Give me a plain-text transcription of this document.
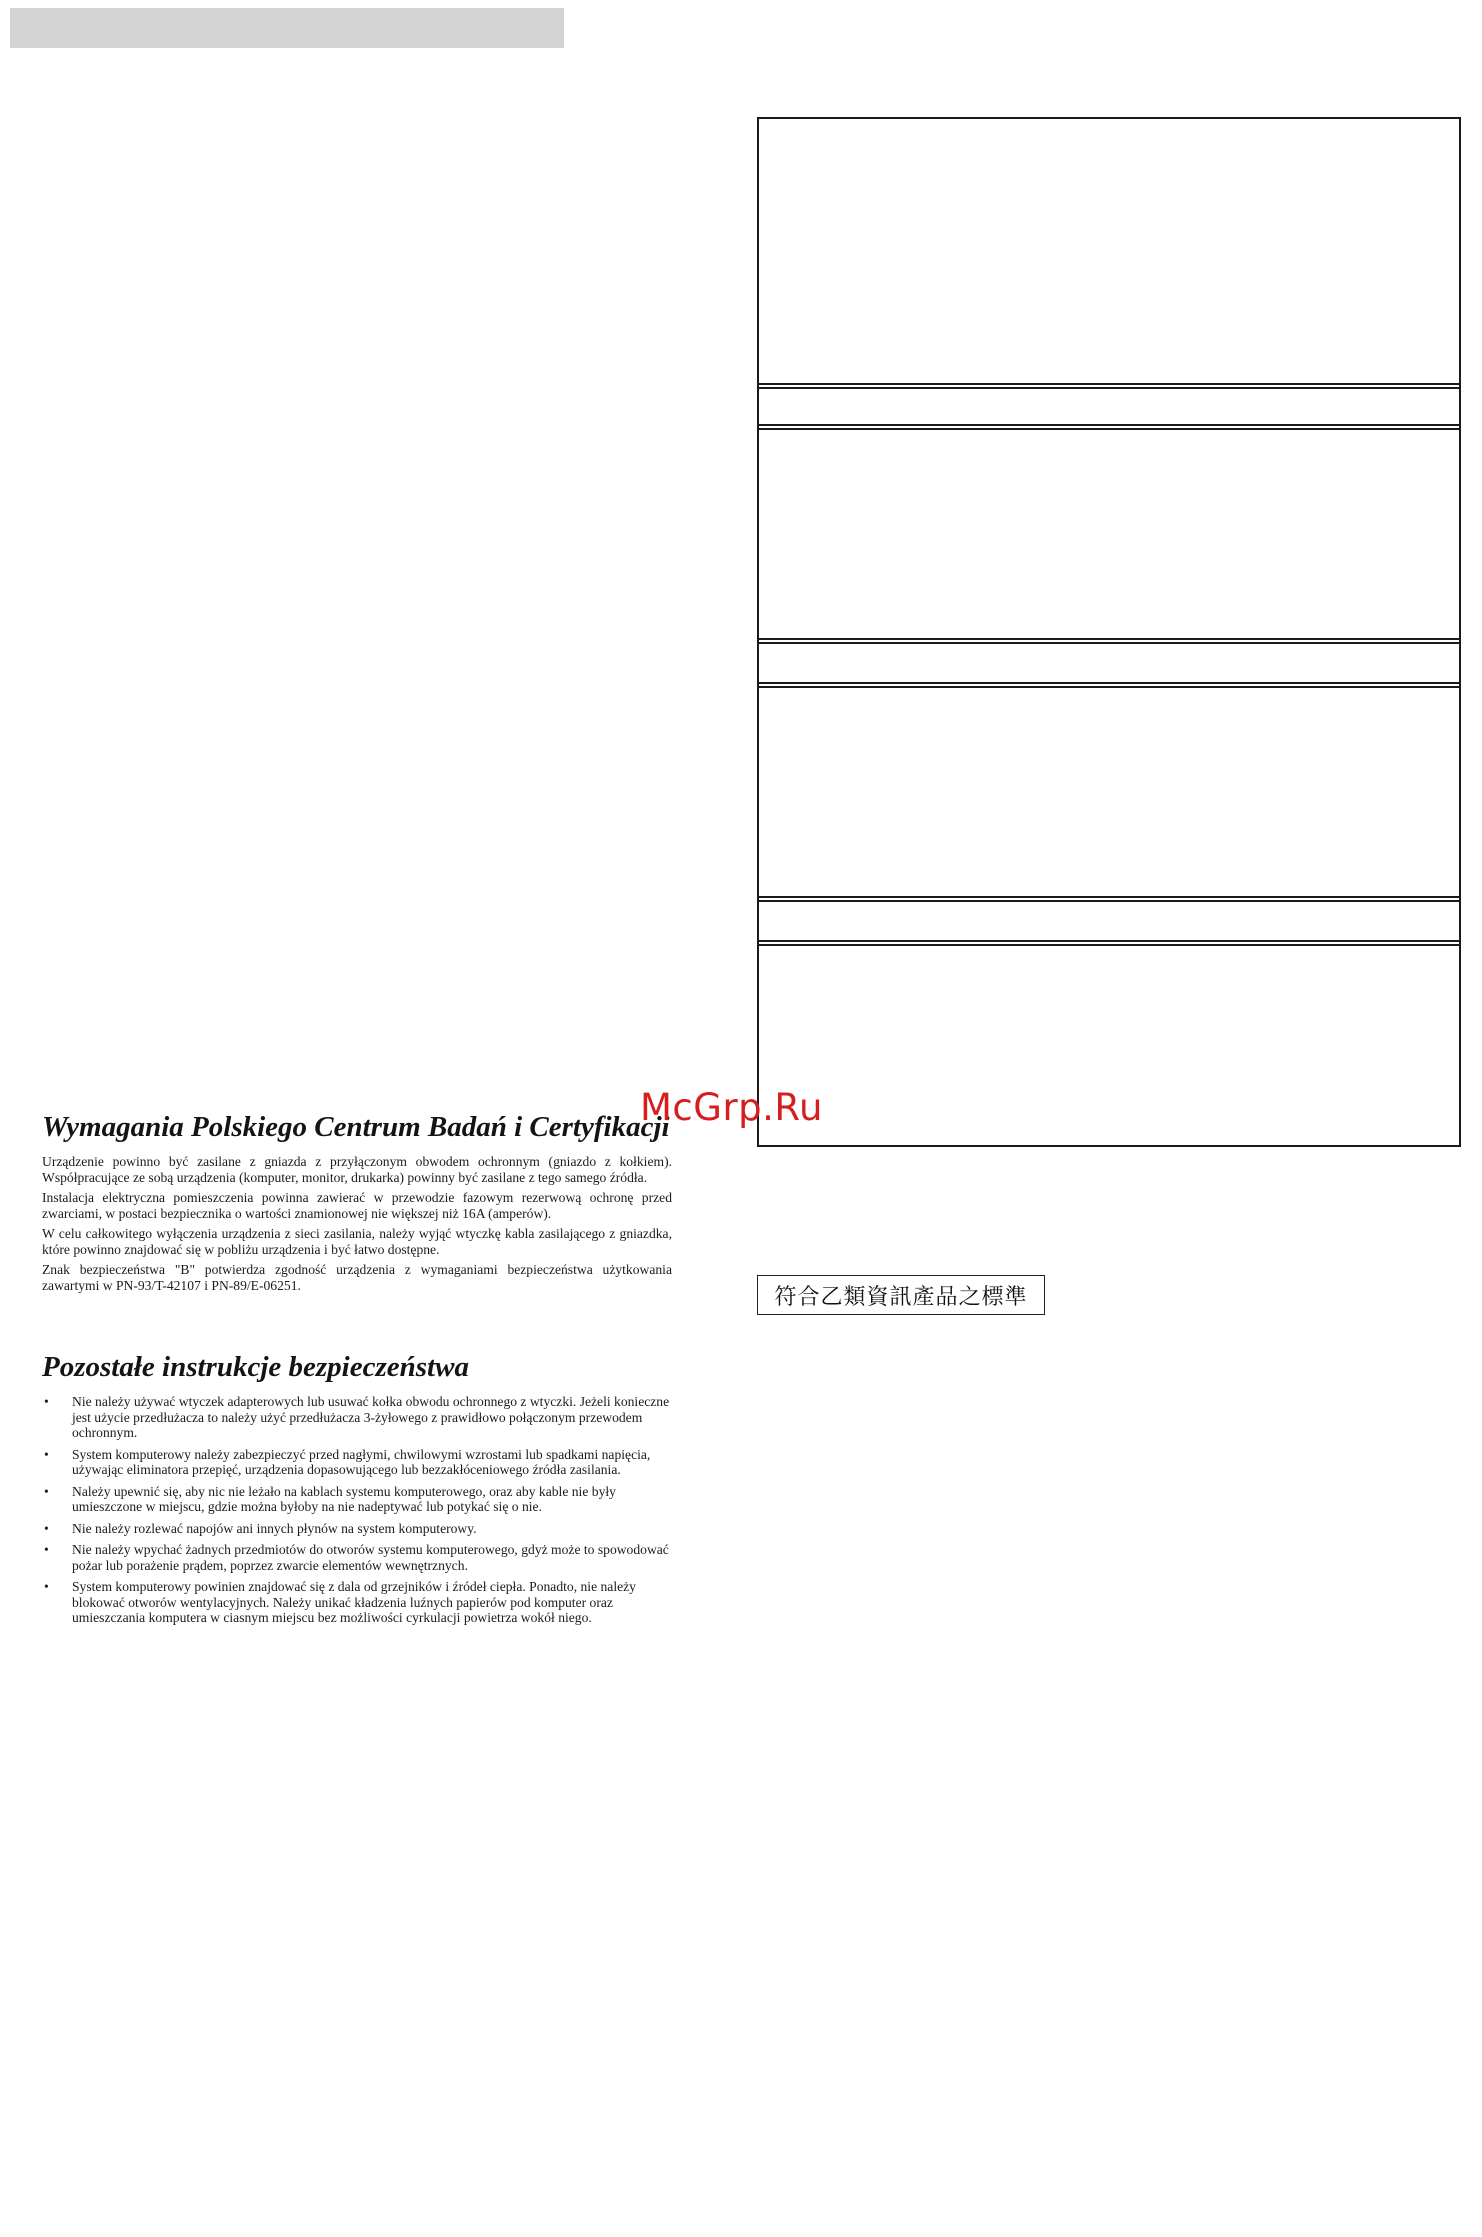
Wymagania Polskiego Centrum Badań i Certyfikacji

Urządzenie powinno być zasilane z gniazda z przyłączonym obwodem ochronnym (gniazdo z kołkiem). Współpracujące ze sobą urządzenia (komputer, monitor, drukarka) powinny być zasilane z tego samego źródła.

Instalacja elektryczna pomieszczenia powinna zawierać w przewodzie fazowym rezerwową ochronę przed zwarciami, w postaci bezpiecznika o wartości znamionowej nie większej niż 16A (amperów).

W celu całkowitego wyłączenia urządzenia z sieci zasilania, należy wyjąć wtyczkę kabla zasilającego z gniazdka, które powinno znajdować się w pobliżu urządzenia i być łatwo dostępne.

Znak bezpieczeństwa "B" potwierdza zgodność urządzenia z wymaganiami bezpieczeństwa użytkowania zawartymi w PN-93/T-42107 i PN-89/E-06251.

McGrp.Ru
Pozostałe instrukcje bezpieczeństwa
• Nie należy używać wtyczek adapterowych lub usuwać kołka obwodu ochronnego z wtyczki. Jeżeli konieczne jest użycie przedłużacza to należy użyć przedłużacza 3-żyłowego z prawidłowo połączonym przewodem ochronnym.
• System komputerowy należy zabezpieczyć przed nagłymi, chwilowymi wzrostami lub spadkami napięcia, używając eliminatora przepięć, urządzenia dopasowującego lub bezzakłóceniowego źródła zasilania.
• Należy upewnić się, aby nic nie leżało na kablach systemu komputerowego, oraz aby kable nie były umieszczone w miejscu, gdzie można byłoby na nie nadeptywać lub potykać się o nie.
• Nie należy rozlewać napojów ani innych płynów na system komputerowy.
• Nie należy wpychać żadnych przedmiotów do otworów systemu komputerowego, gdyż może to spowodować pożar lub porażenie prądem, poprzez zwarcie elementów wewnętrznych.
• System komputerowy powinien znajdować się z dala od grzejników i źródeł ciepła. Ponadto, nie należy blokować otworów wentylacyjnych. Należy unikać kładzenia luźnych papierów pod komputer oraz umieszczania komputera w ciasnym miejscu bez możliwości cyrkulacji powietrza wokół niego.
符合乙類資訊產品之標準
